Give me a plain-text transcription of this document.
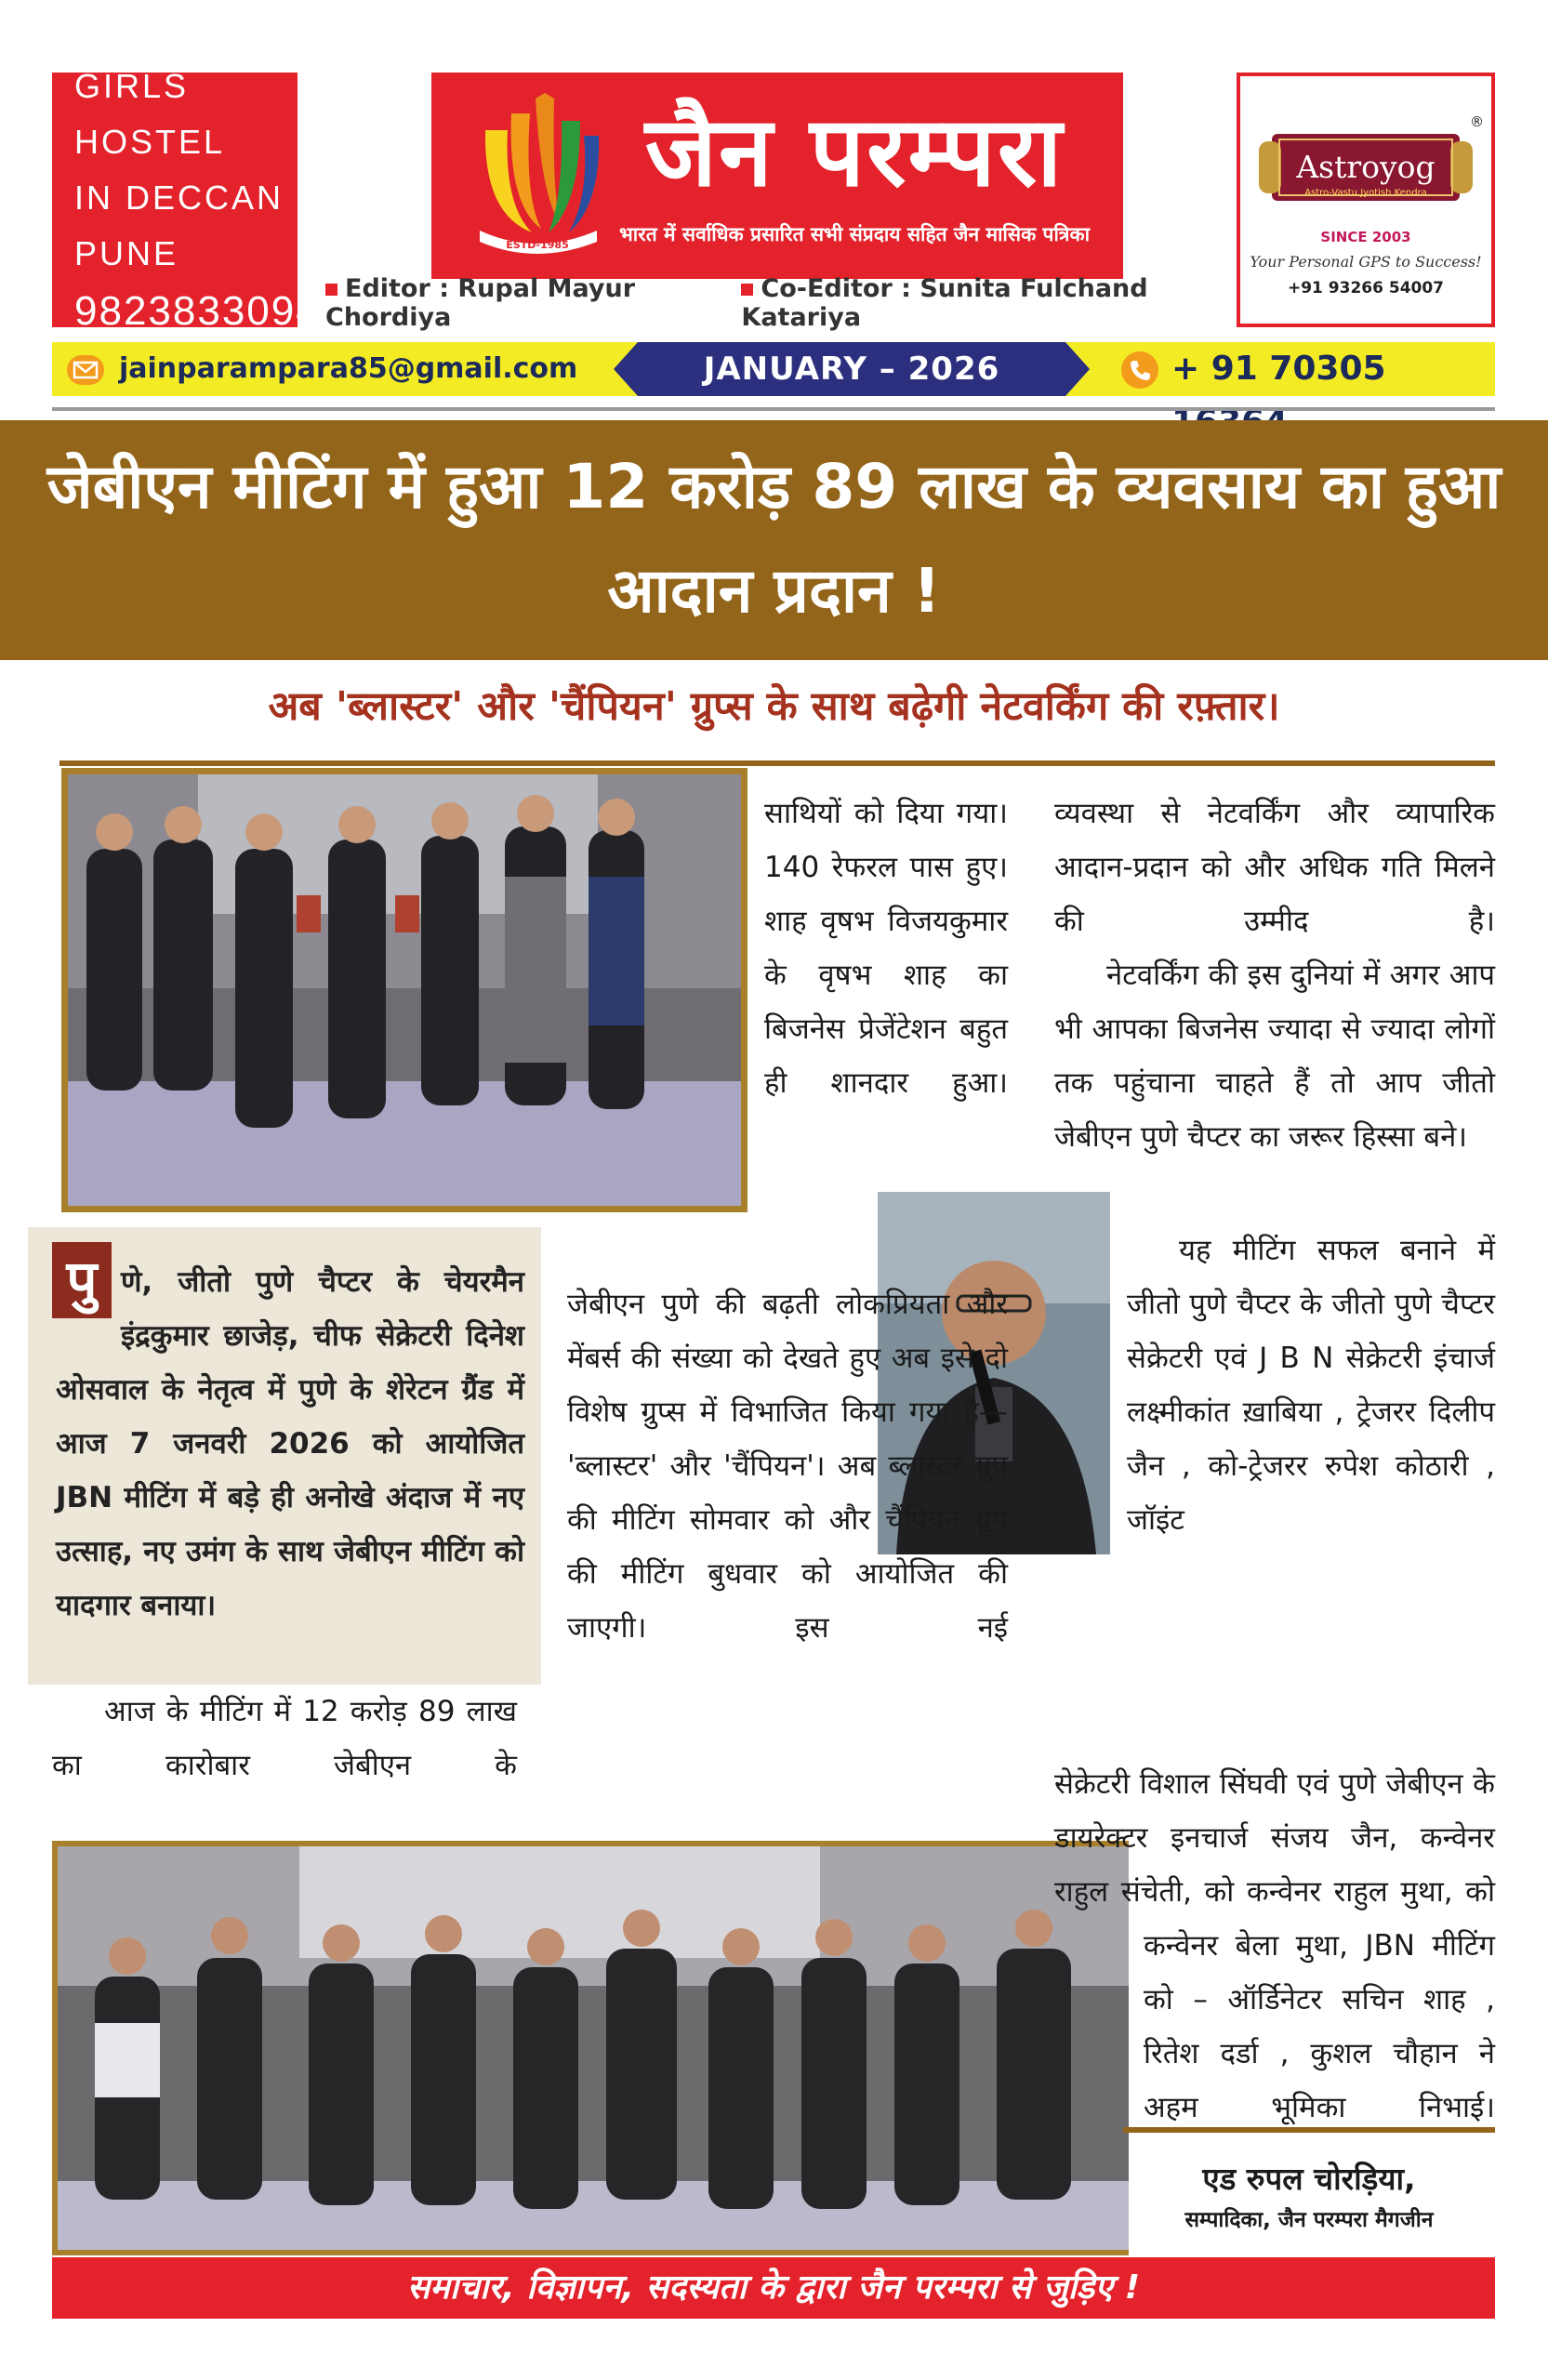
GIRLS HOSTEL
IN DECCAN PUNE
9823833094
ESTD-1985
जैन परम्परा
भारत में सर्वाधिक प्रसारित सभी संप्रदाय सहित जैन मासिक पत्रिका
Editor : Rupal Mayur Chordiya
Co-Editor : Sunita Fulchand Katariya
®
Astroyog
Astro-Vastu Jyotish Kendra
SINCE 2003
Your Personal GPS to Success!
+91 93266 54007
jainparampara85@gmail.com	JANUARY – 2026	+ 91 70305
जेबीएन मीटिंग में हुआ 12 करोड़ 89 लाख के व्यवसाय का हुआ आदान प्रदान !
अब 'ब्लास्टर' और 'चैंपियन' ग्रुप्स के साथ बढ़ेगी नेटवर्किंग की रफ़्तार।
पु णे, जीतो पुणे चैप्टर के चेयरमैन इंद्रकुमार छाजेड़, चीफ सेक्रेटरी दिनेश ओसवाल के नेतृत्व में पुणे के शेरेटन ग्रैंड में आज 7 जनवरी 2026 को आयोजित JBN मीटिंग में बड़े ही अनोखे अंदाज में नए उत्साह, नए उमंग के साथ जेबीएन मीटिंग को यादगार बनाया।
आज के मीटिंग में 12 करोड़ 89 लाख का कारोबार जेबीएन के
साथियों को दिया गया। 140 रेफरल पास हुए। शाह वृषभ विजयकुमार के वृषभ शाह का बिजनेस प्रेजेंटेशन बहुत ही शानदार हुआ।
जेबीएन पुणे की बढ़ती लोकप्रियता और मेंबर्स की संख्या को देखते हुए अब इसे दो विशेष ग्रुप्स में विभाजित किया गया है— 'ब्लास्टर' और 'चैंपियन'। अब ब्लास्टर ग्रुप की मीटिंग सोमवार को और चैंपियन ग्रुप की मीटिंग बुधवार को आयोजित की जाएगी। इस नई

व्यवस्था से नेटवर्किंग और व्यापारिक आदान-प्रदान को और अधिक गति मिलने की उम्मीद है।

नेटवर्किंग की इस दुनियां में अगर आप भी आपका बिजनेस ज्यादा से ज्यादा लोगों तक पहुंचाना चाहते हैं तो आप जीतो जेबीएन पुणे चैप्टर का जरूर हिस्सा बने।

यह मीटिंग सफल बनाने में जीतो पुणे चैप्टर के जीतो पुणे चैप्टर सेक्रेटरी एवं J B N सेक्रेटरी इंचार्ज लक्ष्मीकांत ख़ाबिया , ट्रेजरर दिलीप जैन , को-ट्रेजरर रुपेश कोठारी , जॉइंट
सेक्रेटरी विशाल सिंघवी एवं पुणे जेबीएन के डायरेक्टर इनचार्ज संजय जैन, कन्वेनर राहुल संचेती, को कन्वेनर राहुल मुथा, को
कन्वेनर बेला मुथा, JBN मीटिंग को – ऑर्डिनेटर सचिन शाह , रितेश दर्डा , कुशल चौहान ने अहम भूमिका निभाई।
एड रुपल चोरड़िया,
सम्पादिका, जैन परम्परा मैगजीन
समाचार, विज्ञापन, सदस्यता के द्वारा जैन परम्परा से जुड़िए !
